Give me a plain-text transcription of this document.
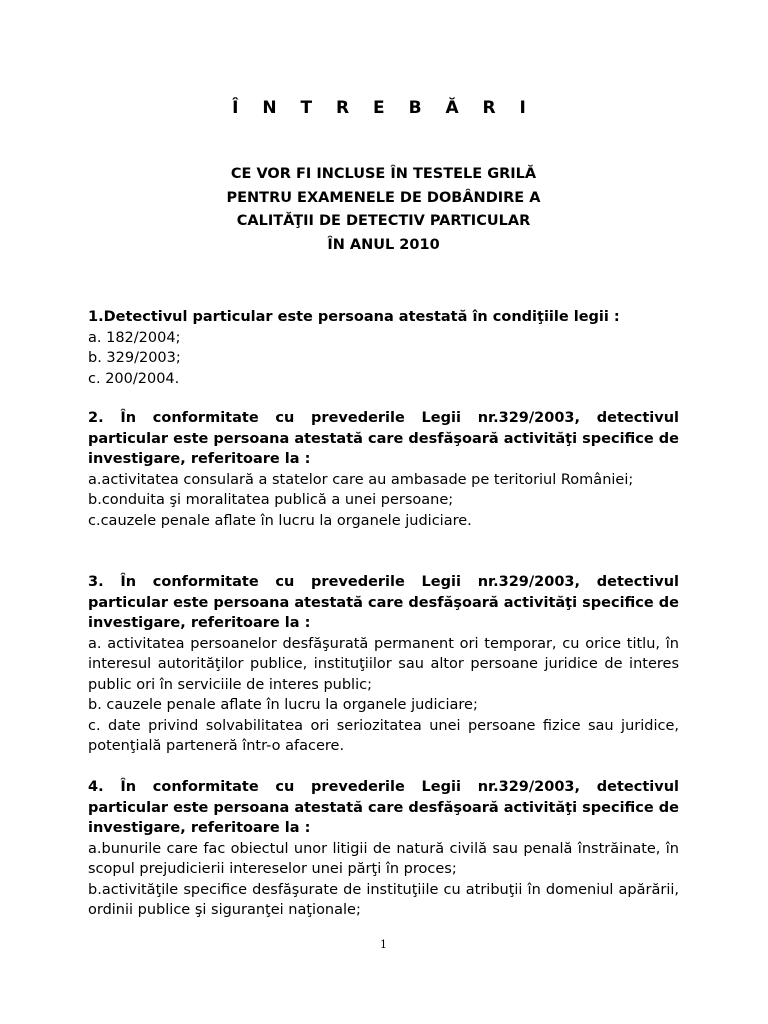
Î N T R E B Ă R I
CE VOR FI INCLUSE ÎN TESTELE GRILĂ
PENTRU EXAMENELE DE DOBÂNDIRE A
CALITĂŢII DE DETECTIV PARTICULAR
ÎN ANUL 2010

1.Detectivul particular este persoana atestată în condiţiile legii :

a. 182/2004;

b. 329/2003;

c. 200/2004.

2. În conformitate cu prevederile Legii nr.329/2003, detectivul particular este persoana atestată care desfăşoară activităţi specifice de investigare, referitoare la :

a.activitatea consulară a statelor care au ambasade pe teritoriul României;

b.conduita şi moralitatea publică a unei persoane;

c.cauzele penale aflate în lucru la organele judiciare.

3. În conformitate cu prevederile Legii nr.329/2003, detectivul particular este persoana atestată care desfăşoară activităţi specifice de investigare, referitoare la :

a. activitatea persoanelor desfăşurată permanent ori temporar, cu orice titlu, în interesul autorităţilor publice, instituţiilor sau altor persoane juridice de interes public ori în serviciile de interes public;

b. cauzele penale aflate în lucru la organele judiciare;

c. date privind solvabilitatea ori seriozitatea unei persoane fizice sau juridice, potenţială parteneră într-o afacere.

4. În conformitate cu prevederile Legii nr.329/2003, detectivul particular este persoana atestată care desfăşoară activităţi specifice de investigare, referitoare la :

a.bunurile care fac obiectul unor litigii de natură civilă sau penală înstrăinate, în scopul prejudicierii intereselor unei părţi în proces;

b.activităţile specifice desfăşurate de instituţiile cu atribuţii în domeniul apărării, ordinii publice şi siguranţei naţionale;

1
